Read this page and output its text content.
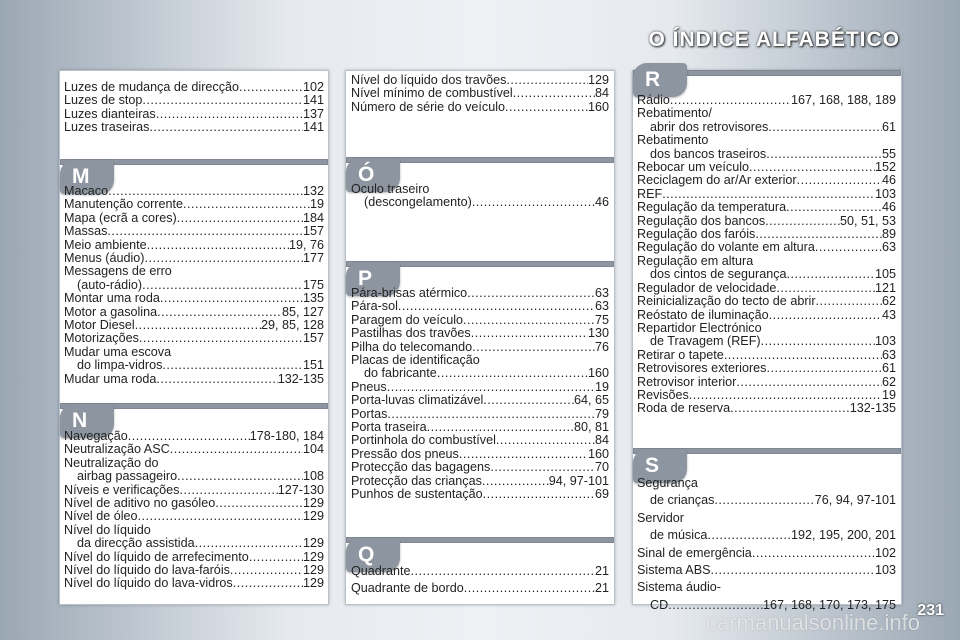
O ÍNDICE ALFABÉTICO
Luzes de mudança de direcção .....	102
Luzes de stop .....	141
Luzes dianteiras .....	137
Luzes traseiras .....	141
M
Macaco .....	132
Manutenção corrente .....	19
Mapa (ecrã a cores) .....	184
Massas .....	157
Meio ambiente .....	19, 76
Menus (áudio) .....	177
Messagens de erro
(auto-rádio) .....	175
Montar uma roda .....	135
Motor a gasolina .....	85, 127
Motor Diesel .....	29, 85, 128
Motorizações .....	157
Mudar uma escova
do limpa-vidros .....	151
Mudar uma roda .....	132-135
N
Navegação .....	178-180, 184
Neutralização ASC .....	104
Neutralização do
airbag passageiro .....	108
Níveis e verificações .....	127-130
Nível de aditivo no gasóleo .....	129
Nível de óleo .....	129
Nível do líquido
da direcção assistida .....	129
Nível do líquido de arrefecimento .....	129
Nível do líquido do lava-faróis .....	129
Nível do líquido do lava-vidros .....	129
Nível do líquido dos travões .....	129
Nível mínimo de combustível .....	84
Número de série do veículo .....	160
Ó
Óculo traseiro
(descongelamento) .....	46
P
Pára-brisas atérmico .....	63
Pára-sol .....	63
Paragem do veículo .....	75
Pastilhas dos travões .....	130
Pilha do telecomando .....	76
Placas de identificação
do fabricante .....	160
Pneus .....	19
Porta-luvas climatizável .....	64, 65
Portas .....	79
Porta traseira .....	80, 81
Portinhola do combustível .....	84
Pressão dos pneus .....	160
Protecção das bagagens .....	70
Protecção das crianças .....	94, 97-101
Punhos de sustentação .....	69
Q
Quadrante .....	21
Quadrante de bordo .....	21
R
Rádio .....	167, 168, 188, 189
Rebatimento/
abrir dos retrovisores .....	61
Rebatimento
dos bancos traseiros .....	55
Rebocar um veículo .....	152
Reciclagem do ar/Ar exterior .....	46
REF .....	103
Regulação da temperatura .....	46
Regulação dos bancos .....	50, 51, 53
Regulação dos faróis .....	89
Regulação do volante em altura .....	63
Regulação em altura
dos cintos de segurança .....	105
Regulador de velocidade .....	121
Reinicialização do tecto de abrir .....	62
Reóstato de iluminação .....	43
Repartidor Electrónico
de Travagem (REF) .....	103
Retirar o tapete .....	63
Retrovisores exteriores .....	61
Retrovisor interior .....	62
Revisões .....	19
Roda de reserva .....	132-135
S
Segurança
de crianças .....	76, 94, 97-101
Servidor
de música .....	192, 195, 200, 201
Sinal de emergência .....	102
Sistema ABS .....	103
Sistema áudio-
CD .....	167, 168, 170, 173, 175 231
carmanualsonline.info
